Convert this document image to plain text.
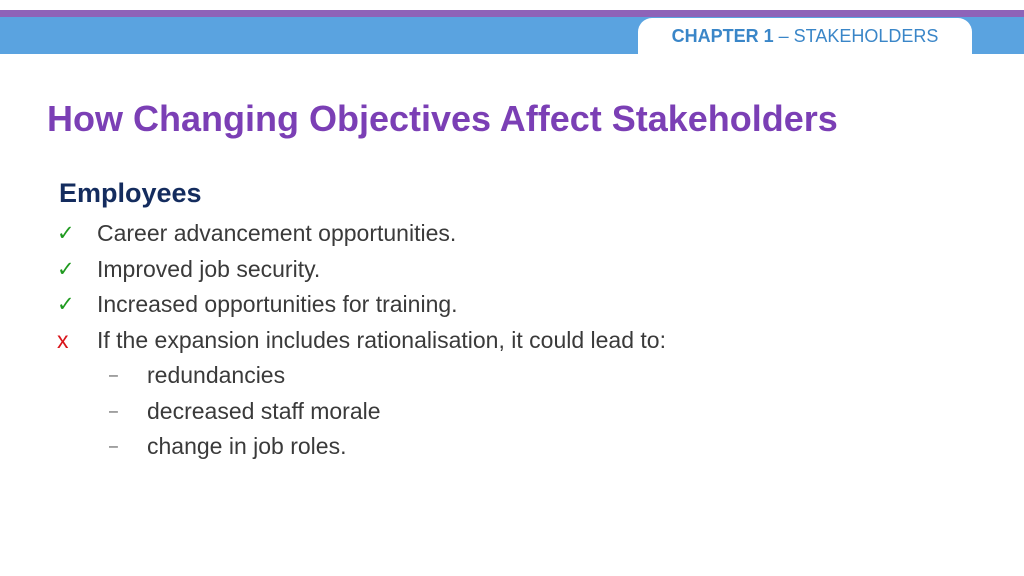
CHAPTER 1 – STAKEHOLDERS
How Changing Objectives Affect Stakeholders
Employees
✓ Career advancement opportunities.
✓ Improved job security.
✓ Increased opportunities for training.
x	If the expansion includes rationalisation, it could lead to:
–	redundancies
–	decreased staff morale
–	change in job roles.
